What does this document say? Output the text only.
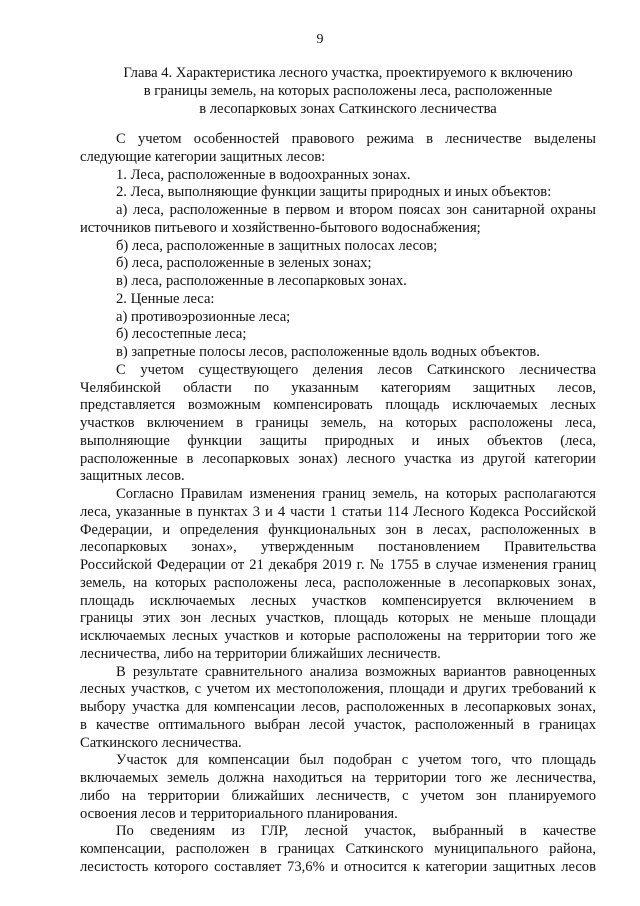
9
Глава 4. Характеристика лесного участка, проектируемого к включению
в границы земель, на которых расположены леса, расположенные
в лесопарковых зонах Саткинского лесничества
С учетом особенностей правового режима в лесничестве выделены
следующие категории защитных лесов:
1. Леса, расположенные в водоохранных зонах.
2. Леса, выполняющие функции защиты природных и иных объектов:
а) леса, расположенные в первом и втором поясах зон санитарной охраны
источников питьевого и хозяйственно-бытового водоснабжения;
б) леса, расположенные в защитных полосах лесов;
б) леса, расположенные в зеленых зонах;
в) леса, расположенные в лесопарковых зонах.
2. Ценные леса:
а) противоэрозионные леса;
б) лесостепные леса;
в) запретные полосы лесов, расположенные вдоль водных объектов.
С учетом существующего деления лесов Саткинского лесничества
Челябинской области по указанным категориям защитных лесов,
представляется возможным компенсировать площадь исключаемых лесных
участков включением в границы земель, на которых расположены леса,
выполняющие функции защиты природных и иных объектов (леса,
расположенные в лесопарковых зонах) лесного участка из другой категории
защитных лесов.
Согласно Правилам изменения границ земель, на которых располагаются
леса, указанные в пунктах 3 и 4 части 1 статьи 114 Лесного Кодекса Российской
Федерации, и определения функциональных зон в лесах, расположенных в
лесопарковых зонах», утвержденным постановлением Правительства
Российской Федерации от 21 декабря 2019 г. № 1755 в случае изменения границ
земель, на которых расположены леса, расположенные в лесопарковых зонах,
площадь исключаемых лесных участков компенсируется включением в
границы этих зон лесных участков, площадь которых не меньше площади
исключаемых лесных участков и которые расположены на территории того же
лесничества, либо на территории ближайших лесничеств.
В результате сравнительного анализа возможных вариантов равноценных
лесных участков, с учетом их местоположения, площади и других требований к
выбору участка для компенсации лесов, расположенных в лесопарковых зонах,
в качестве оптимального выбран лесой участок, расположенный в границах
Саткинского лесничества.
Участок для компенсации был подобран с учетом того, что площадь
включаемых земель должна находиться на территории того же лесничества,
либо на территории ближайших лесничеств, с учетом зон планируемого
освоения лесов и территориального планирования.
По сведениям из ГЛР, лесной участок, выбранный в качестве
компенсации, расположен в границах Саткинского муниципального района,
лесистость которого составляет 73,6% и относится к категории защитных лесов
